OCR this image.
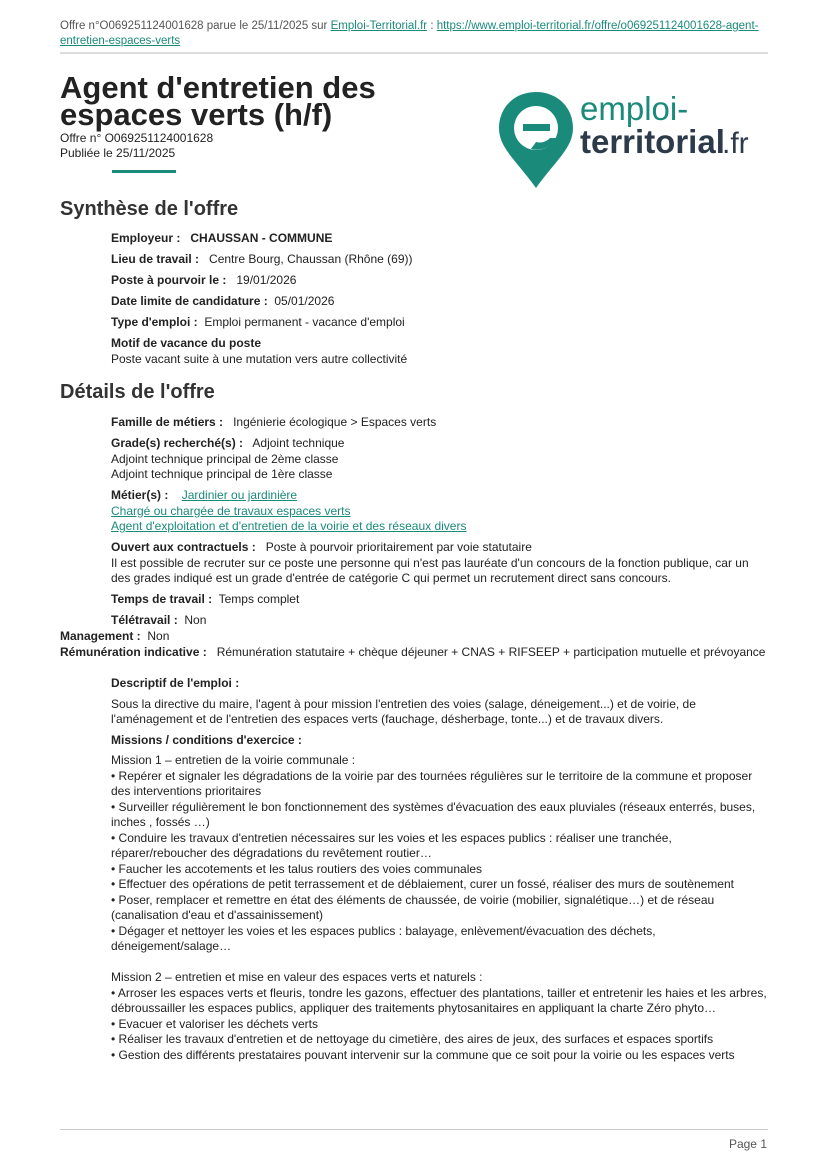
Offre n°O069251124001628 parue le 25/11/2025 sur Emploi-Territorial.fr : https://www.emploi-territorial.fr/offre/o069251124001628-agent-entretien-espaces-verts
Agent d'entretien des espaces verts (h/f)
Offre n° O069251124001628
Publiée le 25/11/2025
emploi-
territorial
.fr
Synthèse de l'offre
Employeur : CHAUSSAN - COMMUNE
Lieu de travail : Centre Bourg, Chaussan (Rhône (69))
Poste à pourvoir le : 19/01/2026
Date limite de candidature : 05/01/2026
Type d'emploi : Emploi permanent - vacance d'emploi
Motif de vacance du poste

Poste vacant suite à une mutation vers autre collectivité

Détails de l'offre
Famille de métiers : Ingénierie écologique > Espaces verts
Grade(s) recherché(s) : Adjoint technique

Adjoint technique principal de 2ème classe

Adjoint technique principal de 1ère classe

Métier(s) : Jardinier ou jardinière

Chargé ou chargée de travaux espaces verts

Agent d'exploitation et d'entretien de la voirie et des réseaux divers

Ouvert aux contractuels : Poste à pourvoir prioritairement par voie statutaire

Il est possible de recruter sur ce poste une personne qui n'est pas lauréate d'un concours de la fonction publique, car un des grades indiqué est un grade d'entrée de catégorie C qui permet un recrutement direct sans concours.

Temps de travail : Temps complet
Télétravail : Non
Management : Non
Rémunération indicative : Rémunération statutaire + chèque déjeuner + CNAS + RIFSEEP + participation mutuelle et prévoyance
Descriptif de l'emploi :

Sous la directive du maire, l'agent à pour mission l'entretien des voies (salage, déneigement...) et de voirie, de l'aménagement et de l'entretien des espaces verts (fauchage, désherbage, tonte...) et de travaux divers.

Missions / conditions d'exercice :

Mission 1 – entretien de la voirie communale :

• Repérer et signaler les dégradations de la voirie par des tournées régulières sur le territoire de la commune et proposer des interventions prioritaires

• Surveiller régulièrement le bon fonctionnement des systèmes d'évacuation des eaux pluviales (réseaux enterrés, buses, inches , fossés …)

• Conduire les travaux d'entretien nécessaires sur les voies et les espaces publics : réaliser une tranchée, réparer/reboucher des dégradations du revêtement routier…

• Faucher les accotements et les talus routiers des voies communales

• Effectuer des opérations de petit terrassement et de déblaiement, curer un fossé, réaliser des murs de soutènement

• Poser, remplacer et remettre en état des éléments de chaussée, de voirie (mobilier, signalétique…) et de réseau (canalisation d'eau et d'assainissement)

• Dégager et nettoyer les voies et les espaces publics : balayage, enlèvement/évacuation des déchets, déneigement/salage…

Mission 2 – entretien et mise en valeur des espaces verts et naturels :

• Arroser les espaces verts et fleuris, tondre les gazons, effectuer des plantations, tailler et entretenir les haies et les arbres, débroussailler les espaces publics, appliquer des traitements phytosanitaires en appliquant la charte Zéro phyto…

• Evacuer et valoriser les déchets verts

• Réaliser les travaux d'entretien et de nettoyage du cimetière, des aires de jeux, des surfaces et espaces sportifs

• Gestion des différents prestataires pouvant intervenir sur la commune que ce soit pour la voirie ou les espaces verts

Page 1
